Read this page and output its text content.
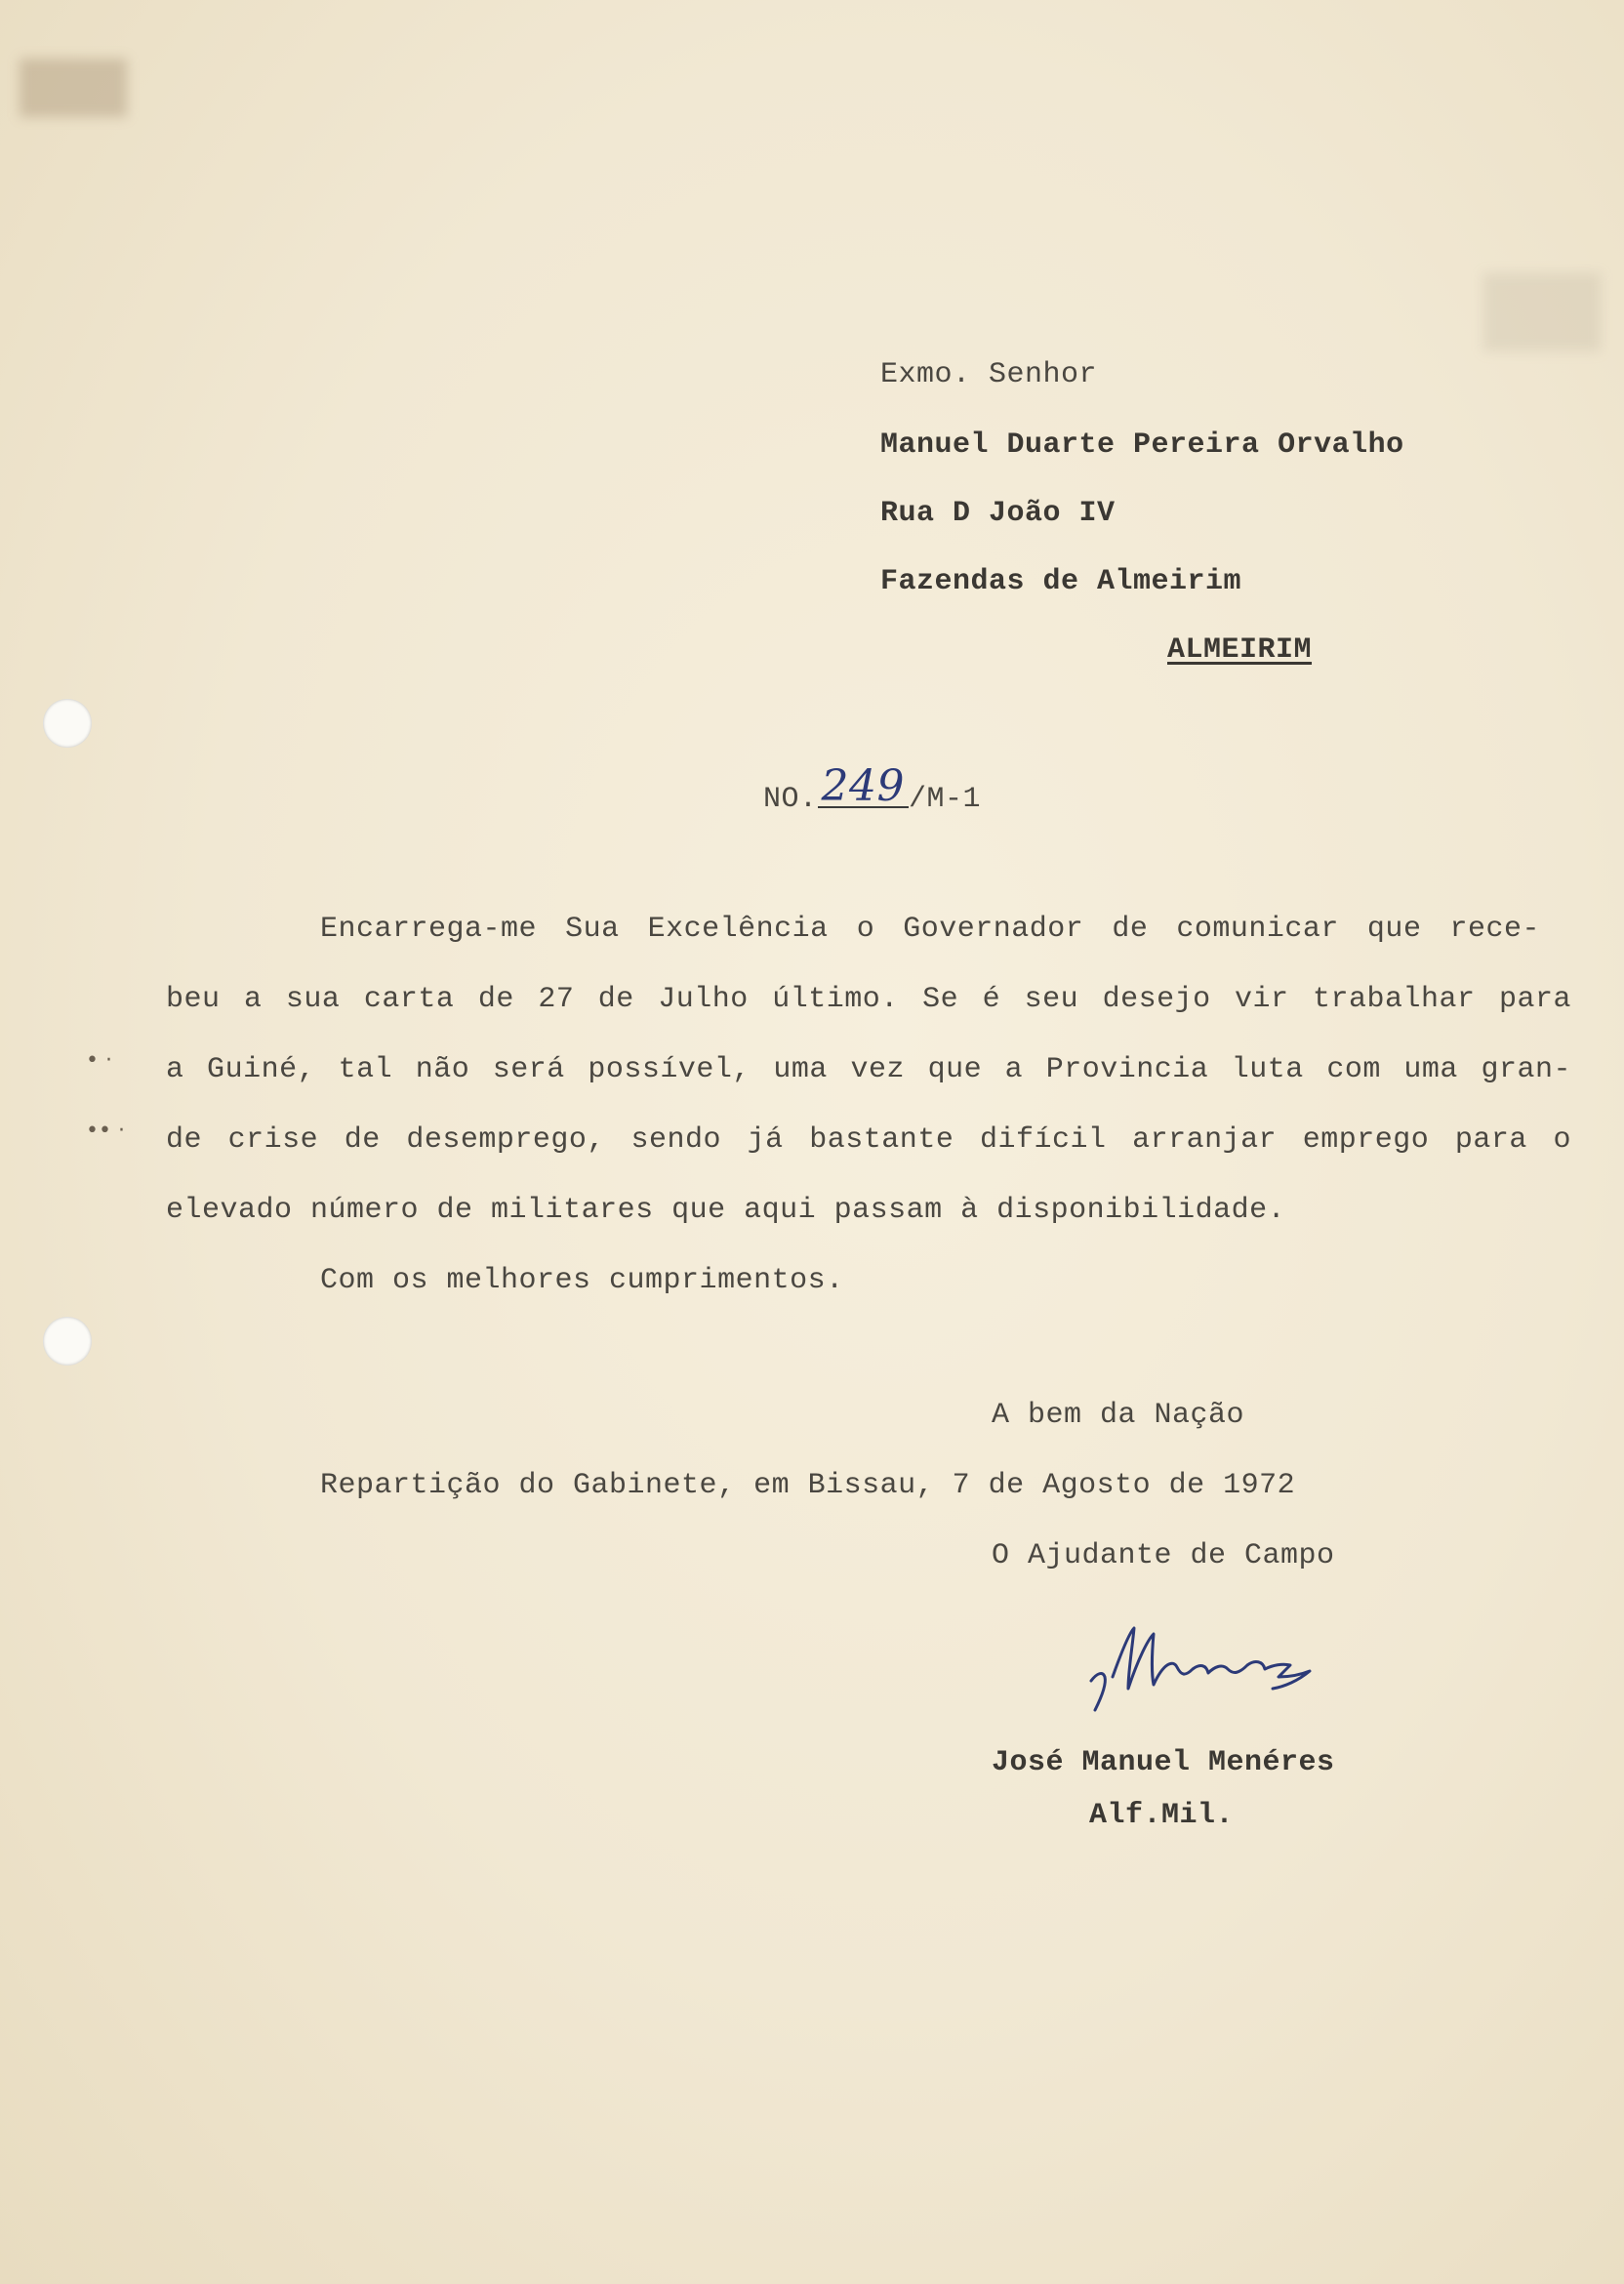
• ·
•• ·
Exmo. Senhor
Manuel Duarte Pereira Orvalho
Rua D João IV
Fazendas de Almeirim
ALMEIRIM
NO.249 /M-1
Encarrega-me Sua Excelência o Governador de comunicar que rece-
beu a sua carta de 27 de Julho último. Se é seu desejo vir trabalhar para
a Guiné, tal não será possível, uma vez que a Provincia luta com uma gran-
de crise de desemprego, sendo já bastante difícil arranjar emprego para o
elevado número de militares que aqui passam à disponibilidade.
Com os melhores cumprimentos.
A bem da Nação
Repartição do Gabinete, em Bissau, 7 de Agosto de 1972
O Ajudante de Campo
José Manuel Menéres
Alf.Mil.
